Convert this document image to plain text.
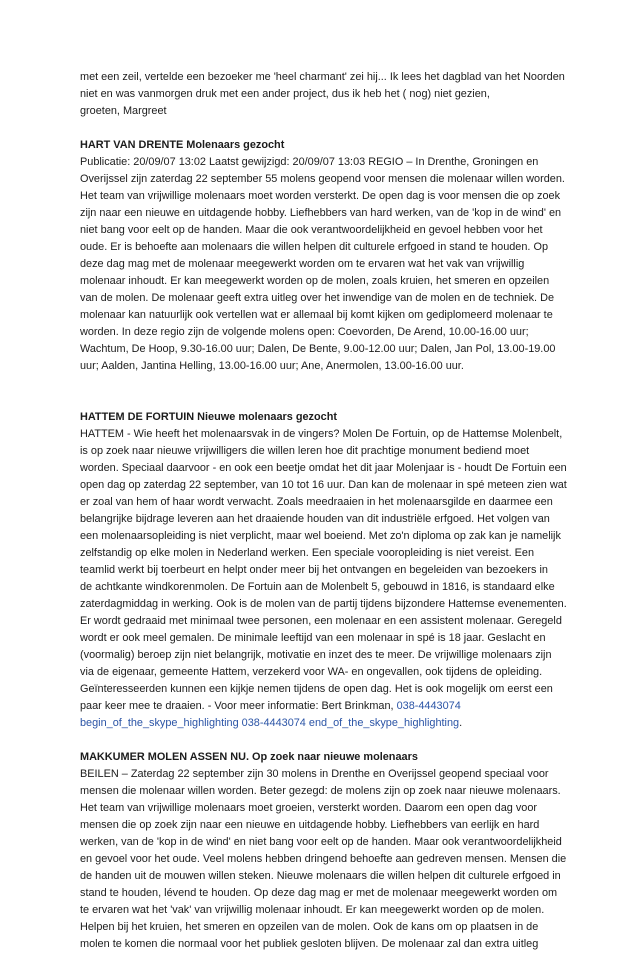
met een zeil, vertelde een bezoeker me 'heel charmant' zei hij... Ik lees het dagblad van het Noorden
niet en was vanmorgen druk met een ander project, dus ik heb het ( nog) niet gezien,
groeten, Margreet
HART VAN DRENTE Molenaars gezocht
Publicatie: 20/09/07 13:02 Laatst gewijzigd: 20/09/07 13:03 REGIO – In Drenthe, Groningen en
Overijssel zijn zaterdag 22 september 55 molens geopend voor mensen die molenaar willen worden.
Het team van vrijwillige molenaars moet worden versterkt. De open dag is voor mensen die op zoek
zijn naar een nieuwe en uitdagende hobby. Liefhebbers van hard werken, van de 'kop in de wind' en
niet bang voor eelt op de handen. Maar die ook verantwoordelijkheid en gevoel hebben voor het
oude. Er is behoefte aan molenaars die willen helpen dit culturele erfgoed in stand te houden. Op
deze dag mag met de molenaar meegewerkt worden om te ervaren wat het vak van vrijwillig
molenaar inhoudt. Er kan meegewerkt worden op de molen, zoals kruien, het smeren en opzeilen
van de molen. De molenaar geeft extra uitleg over het inwendige van de molen en de techniek. De
molenaar kan natuurlijk ook vertellen wat er allemaal bij komt kijken om gediplomeerd molenaar te
worden. In deze regio zijn de volgende molens open: Coevorden, De Arend, 10.00-16.00 uur;
Wachtum, De Hoop, 9.30-16.00 uur; Dalen, De Bente, 9.00-12.00 uur; Dalen, Jan Pol, 13.00-19.00
uur; Aalden, Jantina Helling, 13.00-16.00 uur; Ane, Anermolen, 13.00-16.00 uur.
HATTEM DE FORTUIN Nieuwe molenaars gezocht
HATTEM - Wie heeft het molenaarsvak in de vingers? Molen De Fortuin, op de Hattemse Molenbelt,
is op zoek naar nieuwe vrijwilligers die willen leren hoe dit prachtige monument bediend moet
worden. Speciaal daarvoor - en ook een beetje omdat het dit jaar Molenjaar is - houdt De Fortuin een
open dag op zaterdag 22 september, van 10 tot 16 uur. Dan kan de molenaar in spé meteen zien wat
er zoal van hem of haar wordt verwacht. Zoals meedraaien in het molenaarsgilde en daarmee een
belangrijke bijdrage leveren aan het draaiende houden van dit industriële erfgoed. Het volgen van
een molenaarsopleiding is niet verplicht, maar wel boeiend. Met zo'n diploma op zak kan je namelijk
zelfstandig op elke molen in Nederland werken. Een speciale vooropleiding is niet vereist. Een
teamlid werkt bij toerbeurt en helpt onder meer bij het ontvangen en begeleiden van bezoekers in
de achtkante windkorenmolen. De Fortuin aan de Molenbelt 5, gebouwd in 1816, is standaard elke
zaterdagmiddag in werking. Ook is de molen van de partij tijdens bijzondere Hattemse evenementen.
Er wordt gedraaid met minimaal twee personen, een molenaar en een assistent molenaar. Geregeld
wordt er ook meel gemalen. De minimale leeftijd van een molenaar in spé is 18 jaar. Geslacht en
(voormalig) beroep zijn niet belangrijk, motivatie en inzet des te meer. De vrijwillige molenaars zijn
via de eigenaar, gemeente Hattem, verzekerd voor WA- en ongevallen, ook tijdens de opleiding.
Geïnteresseerden kunnen een kijkje nemen tijdens de open dag. Het is ook mogelijk om eerst een
paar keer mee te draaien. - Voor meer informatie: Bert Brinkman, 038-4443074
begin_of_the_skype_highlighting 038-4443074 end_of_the_skype_highlighting.
MAKKUMER MOLEN ASSEN NU. Op zoek naar nieuwe molenaars
BEILEN – Zaterdag 22 september zijn 30 molens in Drenthe en Overijssel geopend speciaal voor
mensen die molenaar willen worden. Beter gezegd: de molens zijn op zoek naar nieuwe molenaars.
Het team van vrijwillige molenaars moet groeien, versterkt worden. Daarom een open dag voor
mensen die op zoek zijn naar een nieuwe en uitdagende hobby. Liefhebbers van eerlijk en hard
werken, van de 'kop in de wind' en niet bang voor eelt op de handen. Maar ook verantwoordelijkheid
en gevoel voor het oude. Veel molens hebben dringend behoefte aan gedreven mensen. Mensen die
de handen uit de mouwen willen steken. Nieuwe molenaars die willen helpen dit culturele erfgoed in
stand te houden, lévend te houden. Op deze dag mag er met de molenaar meegewerkt worden om
te ervaren wat het 'vak' van vrijwillig molenaar inhoudt. Er kan meegewerkt worden op de molen.
Helpen bij het kruien, het smeren en opzeilen van de molen. Ook de kans om op plaatsen in de
molen te komen die normaal voor het publiek gesloten blijven. De molenaar zal dan extra uitleg
